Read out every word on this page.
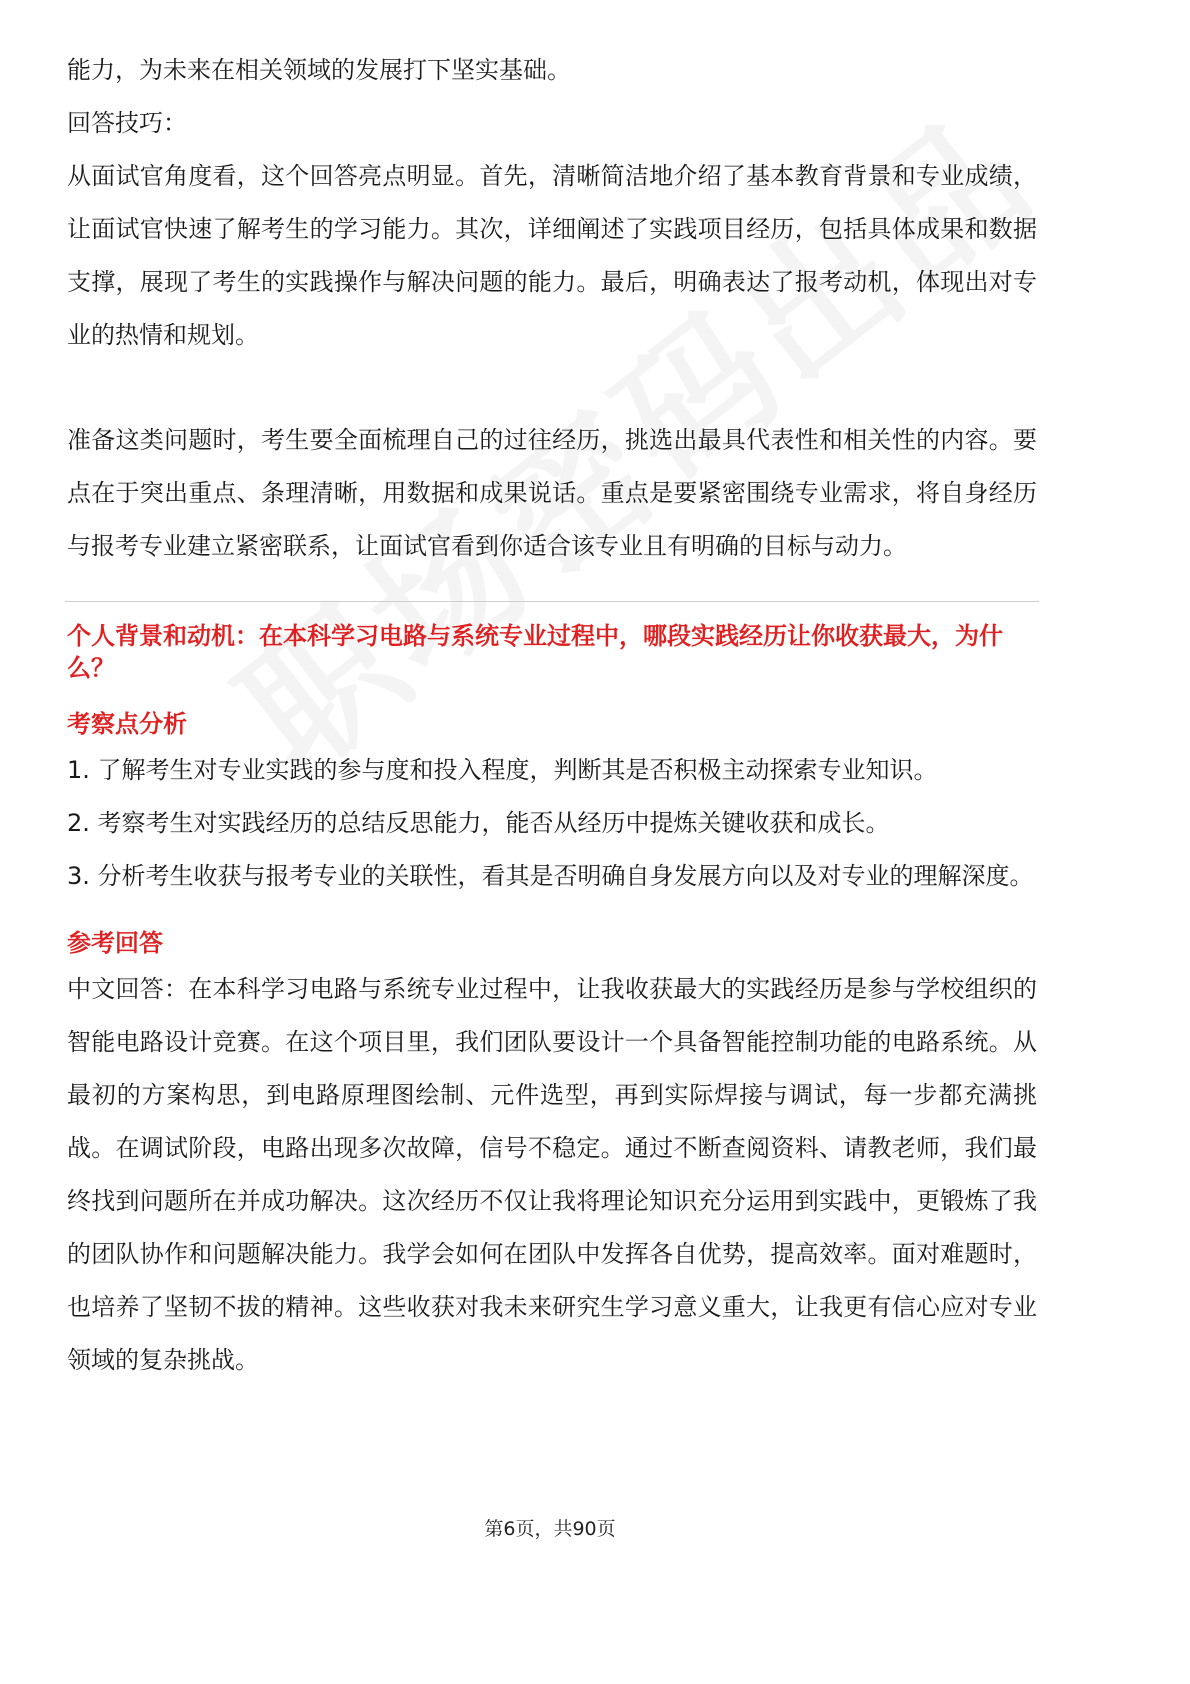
能力，为未来在相关领域的发展打下坚实基础。

回答技巧：

从面试官角度看，这个回答亮点明显。首先，清晰简洁地介绍了基本教育背景和专业成绩，让面试官快速了解考生的学习能力。其次，详细阐述了实践项目经历，包括具体成果和数据支撑，展现了考生的实践操作与解决问题的能力。最后，明确表达了报考动机，体现出对专业的热情和规划。

准备这类问题时，考生要全面梳理自己的过往经历，挑选出最具代表性和相关性的内容。要点在于突出重点、条理清晰，用数据和成果说话。重点是要紧密围绕专业需求，将自身经历与报考专业建立紧密联系，让面试官看到你适合该专业且有明确的目标与动力。

个人背景和动机：在本科学习电路与系统专业过程中，哪段实践经历让你收获最大，为什么？

考察点分析

1. 了解考生对专业实践的参与度和投入程度，判断其是否积极主动探索专业知识。

2. 考察考生对实践经历的总结反思能力，能否从经历中提炼关键收获和成长。

3. 分析考生收获与报考专业的关联性，看其是否明确自身发展方向以及对专业的理解深度。

参考回答

中文回答：在本科学习电路与系统专业过程中，让我收获最大的实践经历是参与学校组织的智能电路设计竞赛。在这个项目里，我们团队要设计一个具备智能控制功能的电路系统。从最初的方案构思，到电路原理图绘制、元件选型，再到实际焊接与调试，每一步都充满挑战。在调试阶段，电路出现多次故障，信号不稳定。通过不断查阅资料、请教老师，我们最终找到问题所在并成功解决。这次经历不仅让我将理论知识充分运用到实践中，更锻炼了我的团队协作和问题解决能力。我学会如何在团队中发挥各自优势，提高效率。面对难题时，也培养了坚韧不拔的精神。这些收获对我未来研究生学习意义重大，让我更有信心应对专业领域的复杂挑战。

第6页，共90页
